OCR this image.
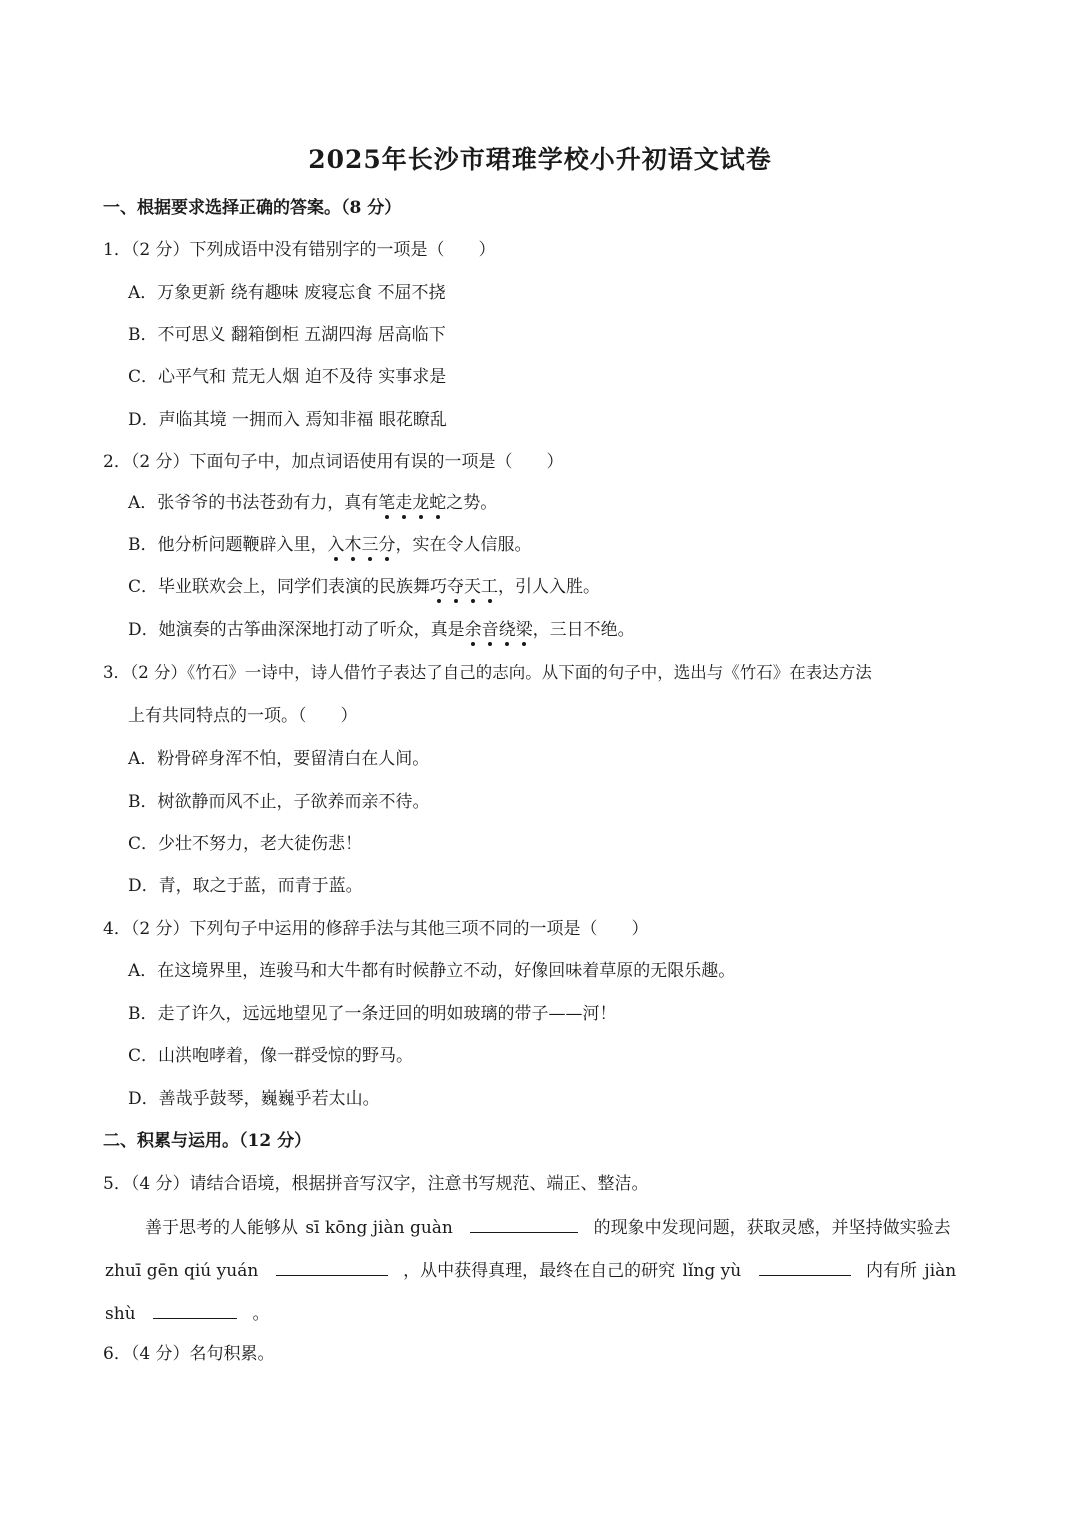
2025年长沙市珺琟学校小升初语文试卷
一、根据要求选择正确的答案。（8 分）
1．（2 分）下列成语中没有错别字的一项是（　　）
A．万象更新 绕有趣味 废寝忘食 不屈不挠
B．不可思义 翻箱倒柜 五湖四海 居高临下
C．心平气和 荒无人烟 迫不及待 实事求是
D．声临其境 一拥而入 焉知非福 眼花瞭乱
2．（2 分）下面句子中，加点词语使用有误的一项是（　　）
A．张爷爷的书法苍劲有力，真有笔走龙蛇
之势。
B．他分析问题鞭辟入里，入木三分
，实在令人信服。
C．毕业联欢会上，同学们表演的民族舞巧夺天工
，引人入胜。
D．她演奏的古筝曲深深地打动了听众，真是余音绕梁
，三日不绝。
3．（2 分）《竹石》一诗中，诗人借竹子表达了自己的志向。从下面的句子中，选出与《竹石》在表达方法
上有共同特点的一项。（　　）
A．粉骨碎身浑不怕，要留清白在人间。
B．树欲静而风不止，子欲养而亲不待。
C．少壮不努力，老大徒伤悲！
D．青，取之于蓝，而青于蓝。
4．（2 分）下列句子中运用的修辞手法与其他三项不同的一项是（　　）
A．在这境界里，连骏马和大牛都有时候静立不动，好像回味着草原的无限乐趣。
B．走了许久，远远地望见了一条迂回的明如玻璃的带子——河！
C．山洪咆哮着，像一群受惊的野马。
D．善哉乎鼓琴，巍巍乎若太山。
二、积累与运用。（12 分）
5．（4 分）请结合语境，根据拼音写汉字，注意书写规范、端正、整洁。
善于思考的人能够从 sī kōng jiàn guàn	的现象中发现问题，获取灵感，并坚持做实验去
zhuī gēn qiú yuán	，从中获得真理，最终在自己的研究 lǐng yù	内有所 jiàn
shù	。
6．（4 分）名句积累。
